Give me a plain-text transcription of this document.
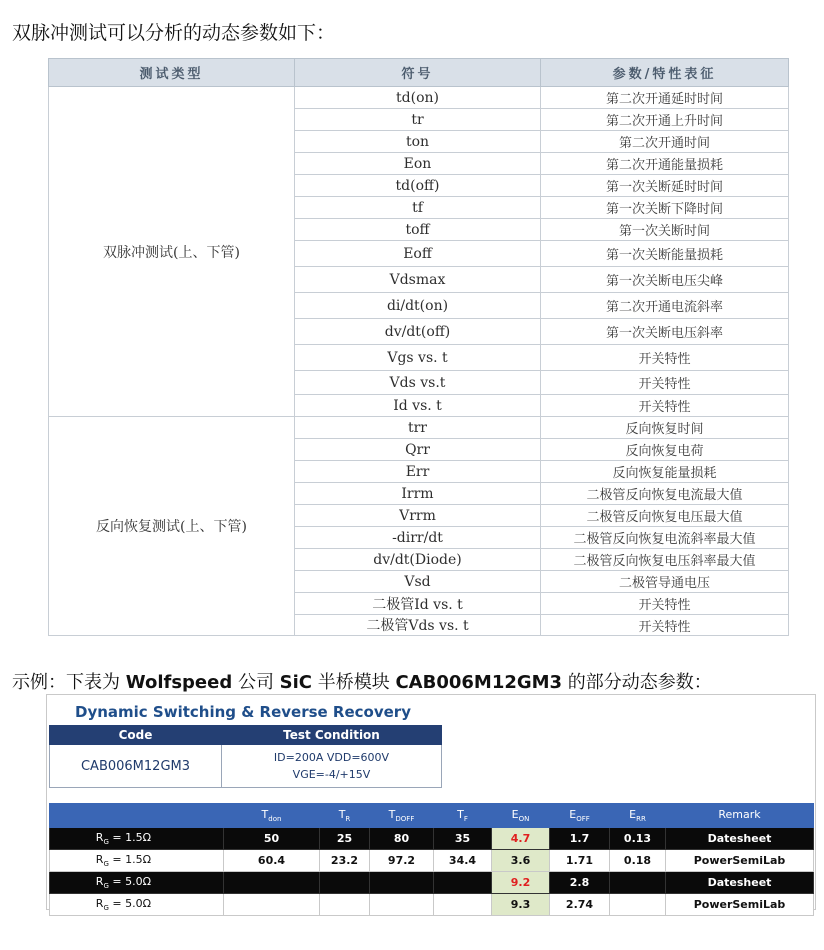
双脉冲测试可以分析的动态参数如下：
测试类型	符号	参数/特性表征
双脉冲测试(上、下管)	td(on)	第二次开通延时时间
	tr	第二次开通上升时间
	ton	第二次开通时间
	Eon	第二次开通能量损耗
	td(off)	第一次关断延时时间
	tf	第一次关断下降时间
	toff	第一次关断时间
	Eoff	第一次关断能量损耗
	Vdsmax	第一次关断电压尖峰
	di/dt(on)	第二次开通电流斜率
	dv/dt(off)	第一次关断电压斜率
	Vgs vs. t	开关特性
	Vds vs.t	开关特性
	Id vs. t	开关特性
反向恢复测试(上、下管)	trr	反向恢复时间
	Qrr	反向恢复电荷
	Err	反向恢复能量损耗
	Irrm	二极管反向恢复电流最大值
	Vrrm	二极管反向恢复电压最大值
	-dirr/dt	二极管反向恢复电流斜率最大值
	dv/dt(Diode)	二极管反向恢复电压斜率最大值
	Vsd	二极管导通电压
	二极管Id vs. t	开关特性
	二极管Vds vs. t	开关特性
示例：下表为 Wolfspeed 公司 SiC 半桥模块 CAB006M12GM3 的部分动态参数：
Dynamic Switching & Reverse Recovery
Code	Test Condition
CAB006M12GM3	ID=200A VDD=600V
VGE=-4/+15V
	$T_{don}$	$T_R$	$T_{DOFF}$	$T_F$	$E_{ON}$	$E_{OFF}$	$E_{RR}$	Remark
$R_G = 1.5\Omega$	50	25	80	35	4.7	1.7	0.13	Datesheet
$R_G = 1.5\Omega$	60.4	23.2	97.2	34.4	3.6	1.71	0.18	PowerSemiLab
$R_G = 5.0\Omega$					9.2	2.8		Datesheet
$R_G = 5.0\Omega$					9.3	2.74		PowerSemiLab
